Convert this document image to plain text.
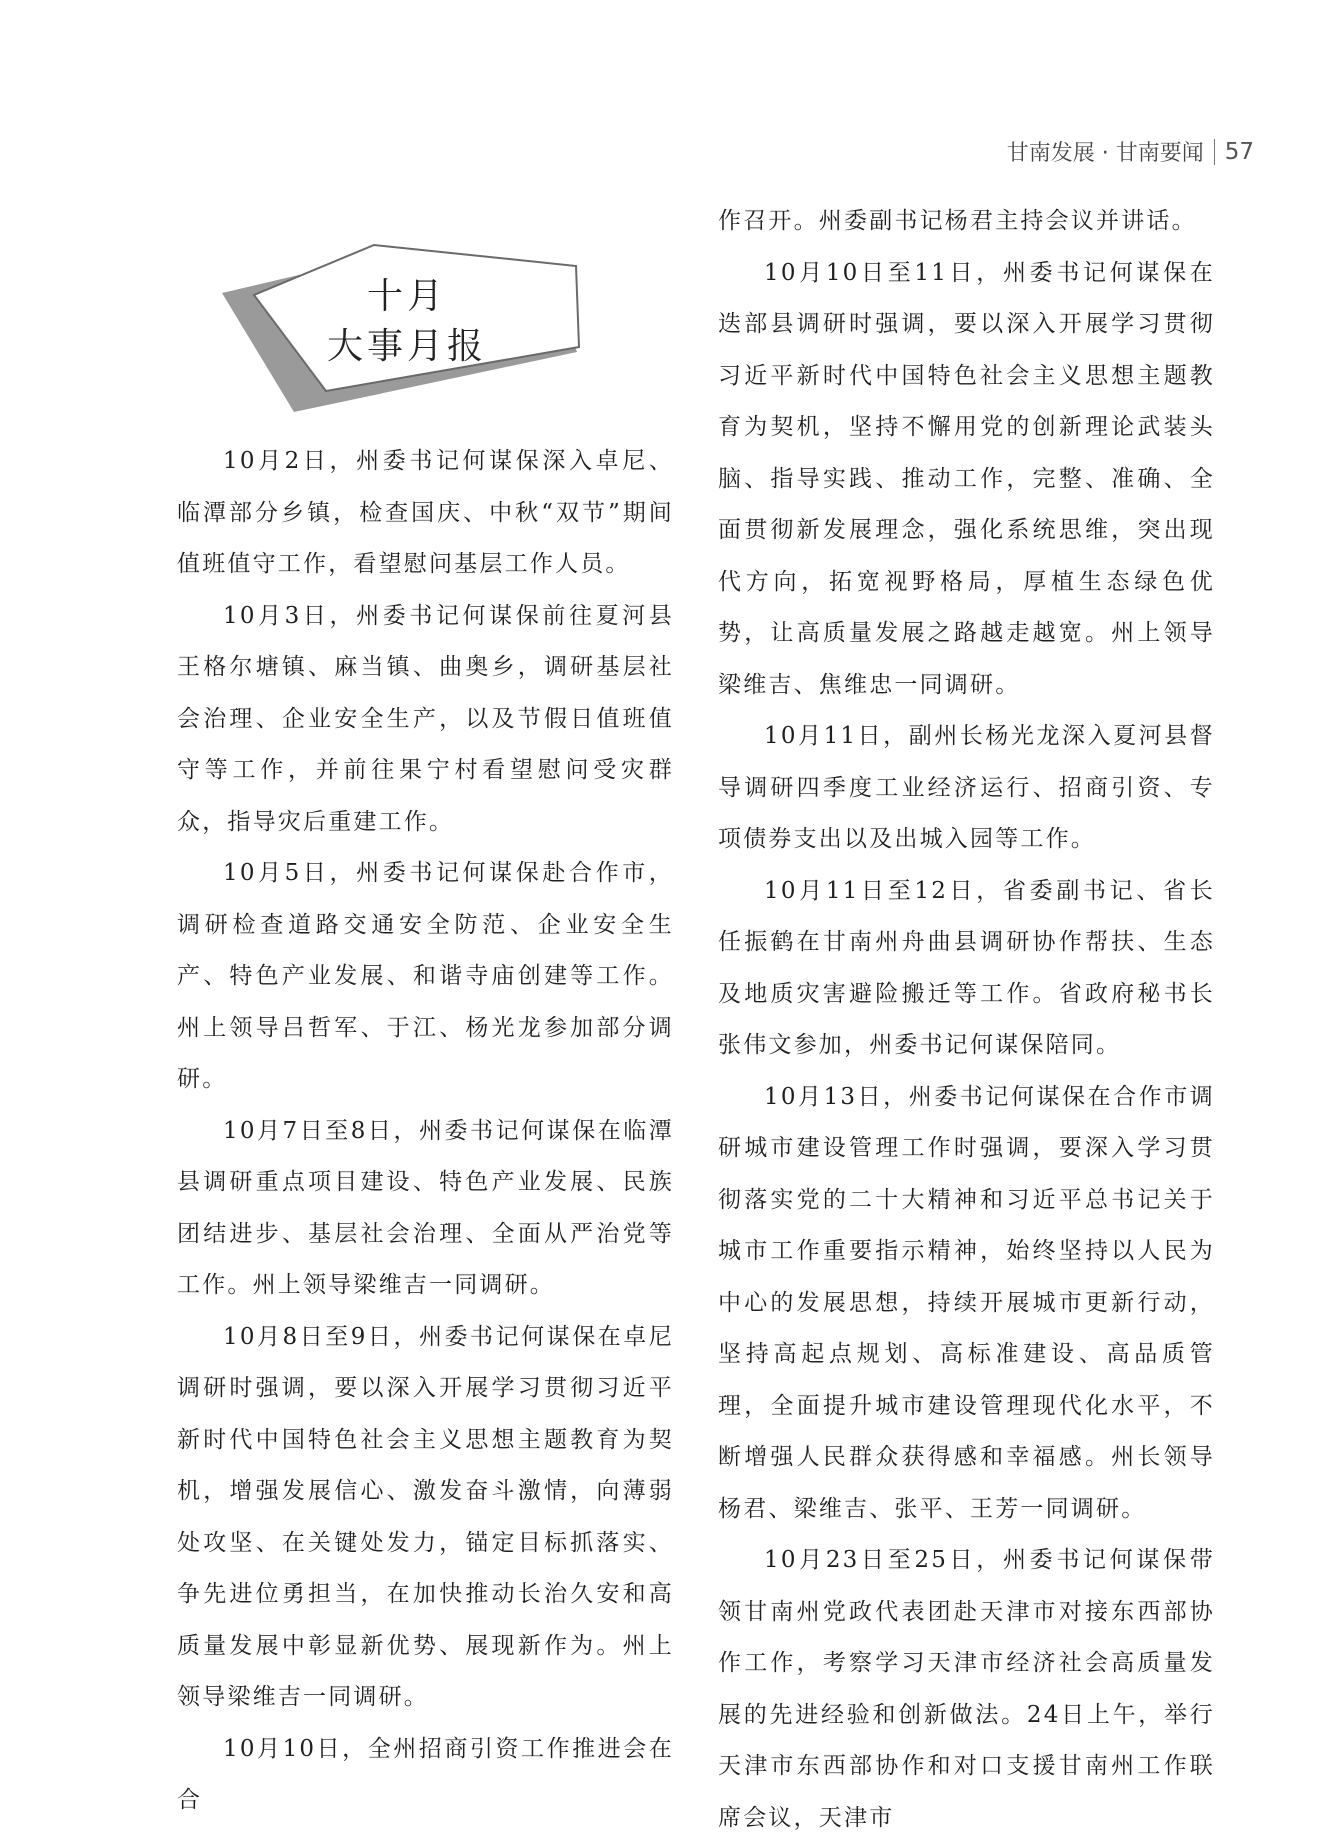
甘南发展 · 甘南要闻 57
十月
大事月报

10月2日，州委书记何谋保深入卓尼、临潭部分乡镇，检查国庆、中秋“双节”期间值班值守工作，看望慰问基层工作人员。

10月3日，州委书记何谋保前往夏河县王格尔塘镇、麻当镇、曲奥乡，调研基层社会治理、企业安全生产，以及节假日值班值守等工作，并前往果宁村看望慰问受灾群众，指导灾后重建工作。

10月5日，州委书记何谋保赴合作市，调研检查道路交通安全防范、企业安全生产、特色产业发展、和谐寺庙创建等工作。州上领导吕哲军、于江、杨光龙参加部分调研。

10月7日至8日，州委书记何谋保在临潭县调研重点项目建设、特色产业发展、民族团结进步、基层社会治理、全面从严治党等工作。州上领导梁维吉一同调研。

10月8日至9日，州委书记何谋保在卓尼调研时强调，要以深入开展学习贯彻习近平新时代中国特色社会主义思想主题教育为契机，增强发展信心、激发奋斗激情，向薄弱处攻坚、在关键处发力，锚定目标抓落实、争先进位勇担当，在加快推动长治久安和高质量发展中彰显新优势、展现新作为。州上领导梁维吉一同调研。

10月10日，全州招商引资工作推进会在合

作召开。州委副书记杨君主持会议并讲话。

10月10日至11日，州委书记何谋保在迭部县调研时强调，要以深入开展学习贯彻习近平新时代中国特色社会主义思想主题教育为契机，坚持不懈用党的创新理论武装头脑、指导实践、推动工作，完整、准确、全面贯彻新发展理念，强化系统思维，突出现代方向，拓宽视野格局，厚植生态绿色优势，让高质量发展之路越走越宽。州上领导梁维吉、焦维忠一同调研。

10月11日，副州长杨光龙深入夏河县督导调研四季度工业经济运行、招商引资、专项债券支出以及出城入园等工作。

10月11日至12日，省委副书记、省长任振鹤在甘南州舟曲县调研协作帮扶、生态及地质灾害避险搬迁等工作。省政府秘书长张伟文参加，州委书记何谋保陪同。

10月13日，州委书记何谋保在合作市调研城市建设管理工作时强调，要深入学习贯彻落实党的二十大精神和习近平总书记关于城市工作重要指示精神，始终坚持以人民为中心的发展思想，持续开展城市更新行动，坚持高起点规划、高标准建设、高品质管理，全面提升城市建设管理现代化水平，不断增强人民群众获得感和幸福感。州长领导杨君、梁维吉、张平、王芳一同调研。

10月23日至25日，州委书记何谋保带领甘南州党政代表团赴天津市对接东西部协作工作，考察学习天津市经济社会高质量发展的先进经验和创新做法。24日上午，举行天津市东西部协作和对口支援甘南州工作联席会议，天津市
